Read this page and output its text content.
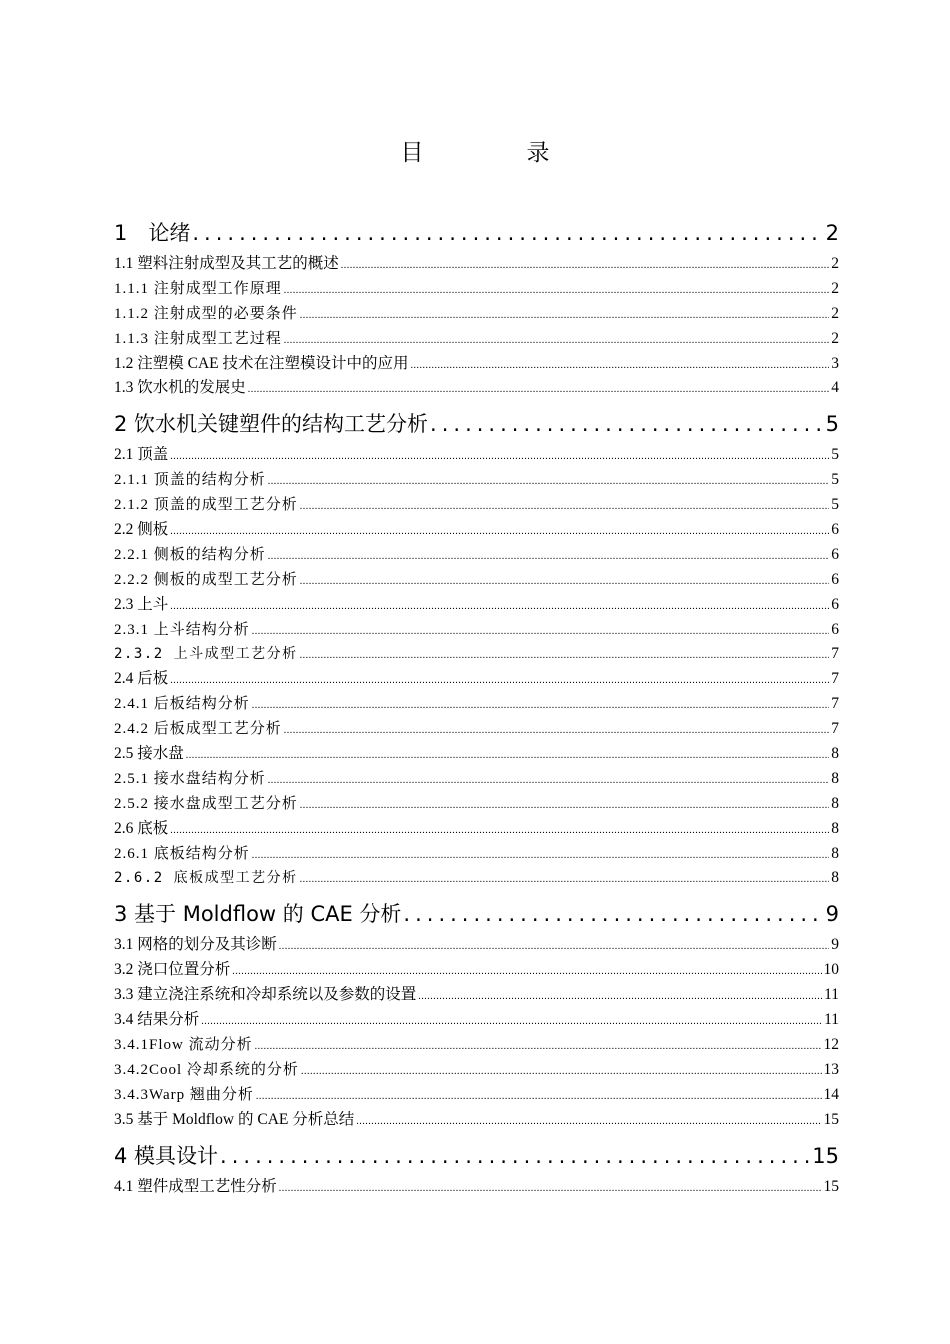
目　录
1　论绪 .....	2
1.1 塑料注射成型及其工艺的概述 .....	2
1.1.1 注射成型工作原理 .....	2
1.1.2 注射成型的必要条件 .....	2
1.1.3 注射成型工艺过程 .....	2
1.2 注塑模 CAE 技术在注塑模设计中的应用 .....	3
1.3 饮水机的发展史 .....	4
2 饮水机关键塑件的结构工艺分析 .....	5
2.1 顶盖 .....	5
2.1.1 顶盖的结构分析 .....	5
2.1.2 顶盖的成型工艺分析 .....	5
2.2 侧板 .....	6
2.2.1 侧板的结构分析 .....	6
2.2.2 侧板的成型工艺分析 .....	6
2.3 上斗 .....	6
2.3.1 上斗结构分析 .....	6
2.3.2 上斗成型工艺分析 .....	7
2.4 后板 .....	7
2.4.1 后板结构分析 .....	7
2.4.2 后板成型工艺分析 .....	7
2.5 接水盘 .....	8
2.5.1 接水盘结构分析 .....	8
2.5.2 接水盘成型工艺分析 .....	8
2.6 底板 .....	8
2.6.1 底板结构分析 .....	8
2.6.2 底板成型工艺分析 .....	8
3 基于 Moldflow 的 CAE 分析 .....	9
3.1 网格的划分及其诊断 .....	9
3.2 浇口位置分析 .....	10
3.3 建立浇注系统和冷却系统以及参数的设置 .....	11
3.4 结果分析 .....	11
3.4.1Flow 流动分析 .....	12
3.4.2Cool 冷却系统的分析 .....	13
3.4.3Warp 翘曲分析 .....	14
3.5 基于 Moldflow 的 CAE 分析总结 .....	15
4 模具设计 .....	15
4.1 塑件成型工艺性分析 .....	15
